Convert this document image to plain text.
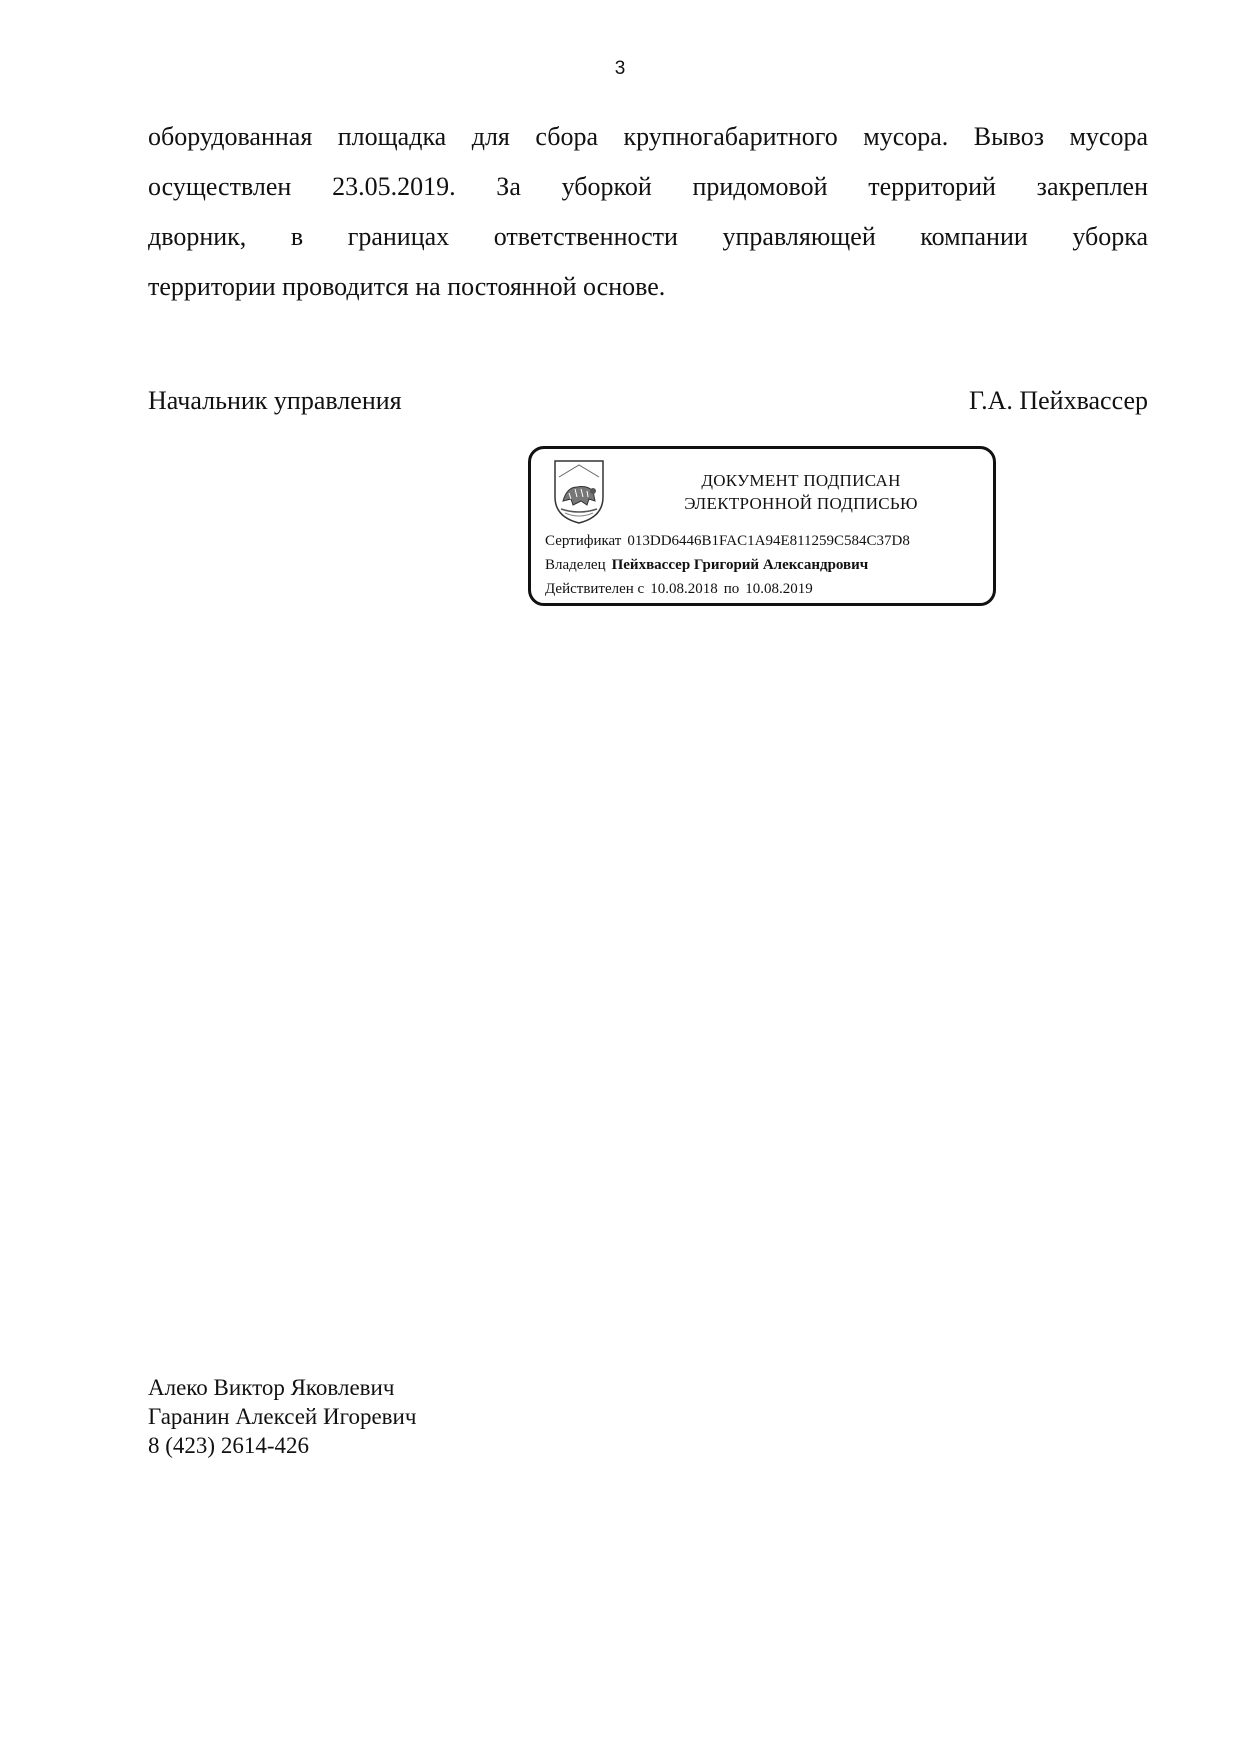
3
оборудованная площадка для сбора крупногабаритного мусора. Вывоз мусора
осуществлен 23.05.2019. За уборкой придомовой территорий закреплен
дворник, в границах ответственности управляющей компании уборка
территории проводится на постоянной основе.
Начальник управления	Г.А. Пейхвассер
ДОКУМЕНТ ПОДПИСАН
ЭЛЕКТРОННОЙ ПОДПИСЬЮ
Сертификат 013DD6446B1FAC1A94E811259C584C37D8
Владелец Пейхвассер Григорий Александрович
Действителен с 10.08.2018 по 10.08.2019
Алеко Виктор Яковлевич
Гаранин Алексей Игоревич
8 (423) 2614-426
